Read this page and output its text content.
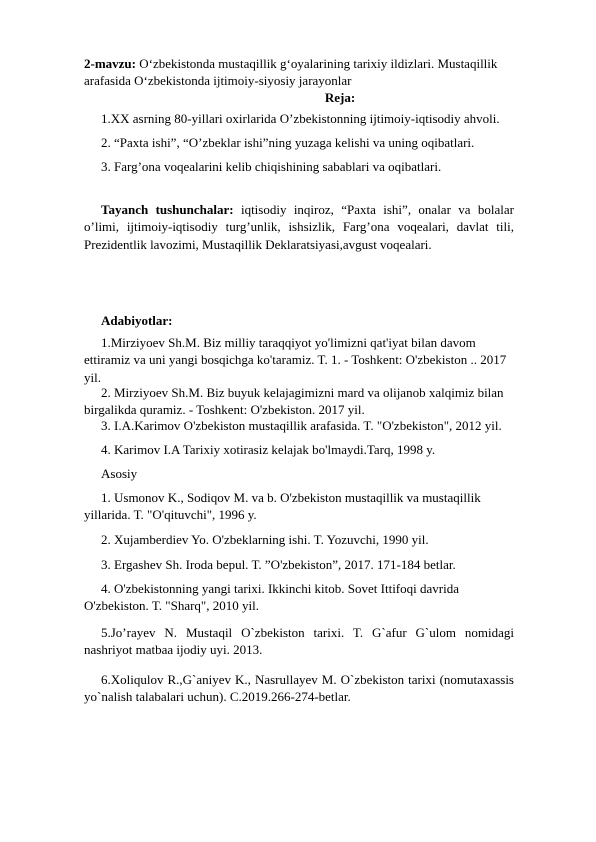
2-mavzu: O‘zbekistonda mustaqillik g‘oyalarining tarixiy ildizlari. Mustaqillik arafasida O‘zbekistonda ijtimoiy-siyosiy jarayonlar

Reja:

1.XX asrning 80-yillari oxirlarida O’zbekistonning ijtimoiy-iqtisodiy ahvoli.

2. “Paxta ishi”, “O’zbeklar ishi”ning yuzaga kelishi va uning oqibatlari.

3. Farg’ona voqealarini kelib chiqishining sabablari va oqibatlari.

Tayanch tushunchalar: iqtisodiy inqiroz, “Paxta ishi”, onalar va bolalar o’limi, ijtimoiy-iqtisodiy turg’unlik, ishsizlik, Farg’ona voqealari, davlat tili, Prezidentlik lavozimi, Mustaqillik Deklaratsiyasi,avgust voqealari.

Adabiyotlar:

1.Mirziyoev Sh.M. Biz milliy taraqqiyot yo'limizni qat'iyat bilan davom ettiramiz va uni yangi bosqichga ko'taramiz. T. 1. - Toshkent: O'zbekiston .. 2017 yil.

2. Mirziyoev Sh.M. Biz buyuk kelajagimizni mard va olijanob xalqimiz bilan birgalikda quramiz. - Toshkent: O'zbekiston. 2017 yil.

3. I.A.Karimov O'zbekiston mustaqillik arafasida. T. "O'zbekiston", 2012 yil.

4. Karimov I.A Tarixiy xotirasiz kelajak bo'lmaydi.Tarq, 1998 y.

Asosiy

1. Usmonov K., Sodiqov M. va b. O'zbekiston mustaqillik va mustaqillik yillarida. T. "O'qituvchi", 1996 y.

2. Xujamberdiev Yo. O'zbeklarning ishi. T. Yozuvchi, 1990 yil.

3. Ergashev Sh. Iroda bepul. T. ”O'zbekiston”, 2017. 171-184 betlar.

4. O'zbekistonning yangi tarixi. Ikkinchi kitob. Sovet Ittifoqi davrida O'zbekiston. T. "Sharq", 2010 yil.

5.Jo’rayev N. Mustaqil O`zbekiston tarixi. T. G`afur G`ulom nomidagi nashriyot matbaa ijodiy uyi. 2013.

6.Xoliqulov R.,G`aniyev K., Nasrullayev M. O`zbekiston tarixi (nomutaxassis yo`nalish talabalari uchun). C.2019.266-274-betlar.
